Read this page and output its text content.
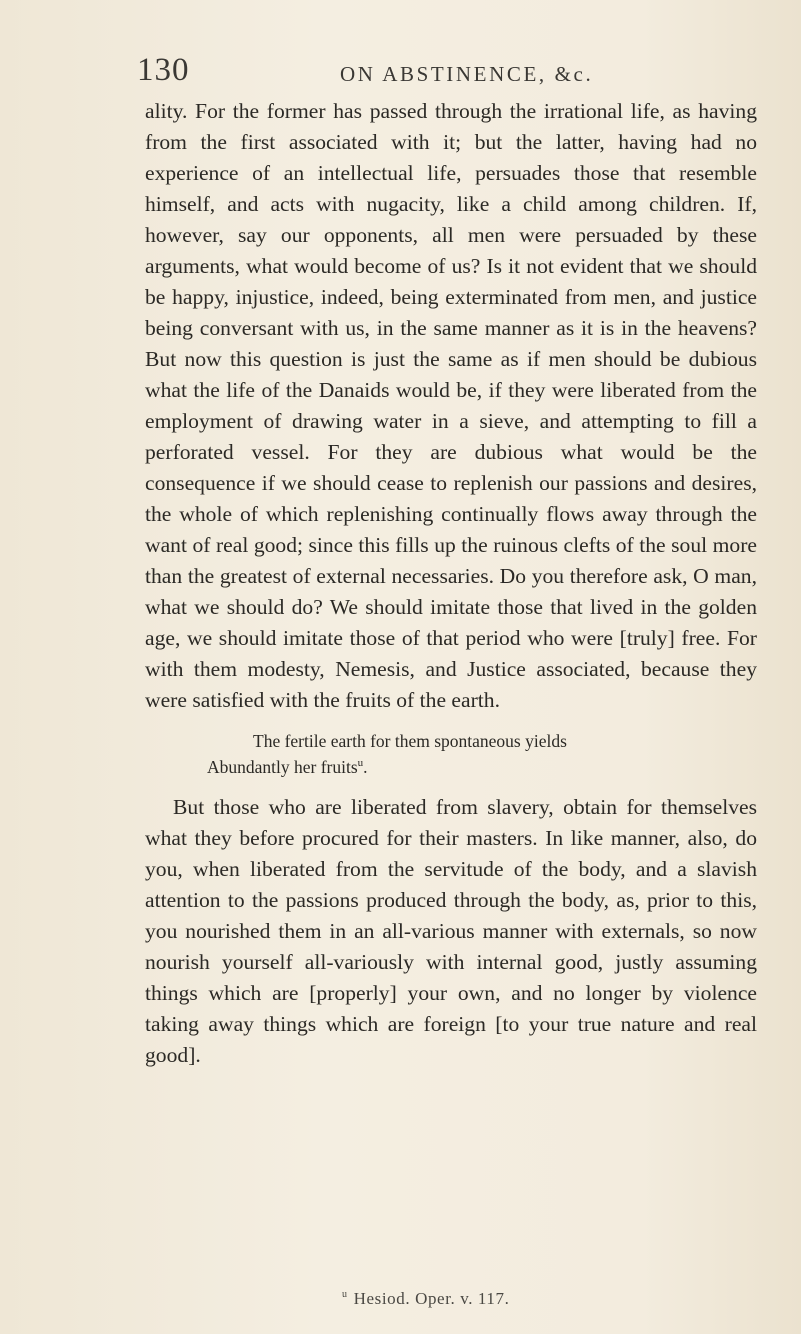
130	ON ABSTINENCE, &c.

ality. For the former has passed through the irrational life, as having from the first associated with it; but the latter, having had no experience of an intellectual life, persuades those that resemble himself, and acts with nugacity, like a child among children. If, however, say our opponents, all men were persuaded by these arguments, what would become of us? Is it not evident that we should be happy, injustice, indeed, being exterminated from men, and justice being conversant with us, in the same manner as it is in the heavens? But now this question is just the same as if men should be dubious what the life of the Danaids would be, if they were liberated from the employment of drawing water in a sieve, and attempting to fill a perforated vessel. For they are dubious what would be the consequence if we should cease to replenish our passions and desires, the whole of which replenishing continually flows away through the want of real good; since this fills up the ruinous clefts of the soul more than the greatest of external necessaries. Do you therefore ask, O man, what we should do? We should imitate those that lived in the golden age, we should imitate those of that period who were [truly] free. For with them modesty, Nemesis, and Justice associated, because they were satisfied with the fruits of the earth.

The fertile earth for them spontaneous yields
Abundantly her fruits$^u$.

But those who are liberated from slavery, obtain for themselves what they before procured for their masters. In like manner, also, do you, when liberated from the servitude of the body, and a slavish attention to the passions produced through the body, as, prior to this, you nourished them in an all-various manner with externals, so now nourish yourself all-variously with internal good, justly assuming things which are [properly] your own, and no longer by violence taking away things which are foreign [to your true nature and real good].

$^u$ Hesiod. Oper. v. 117.
